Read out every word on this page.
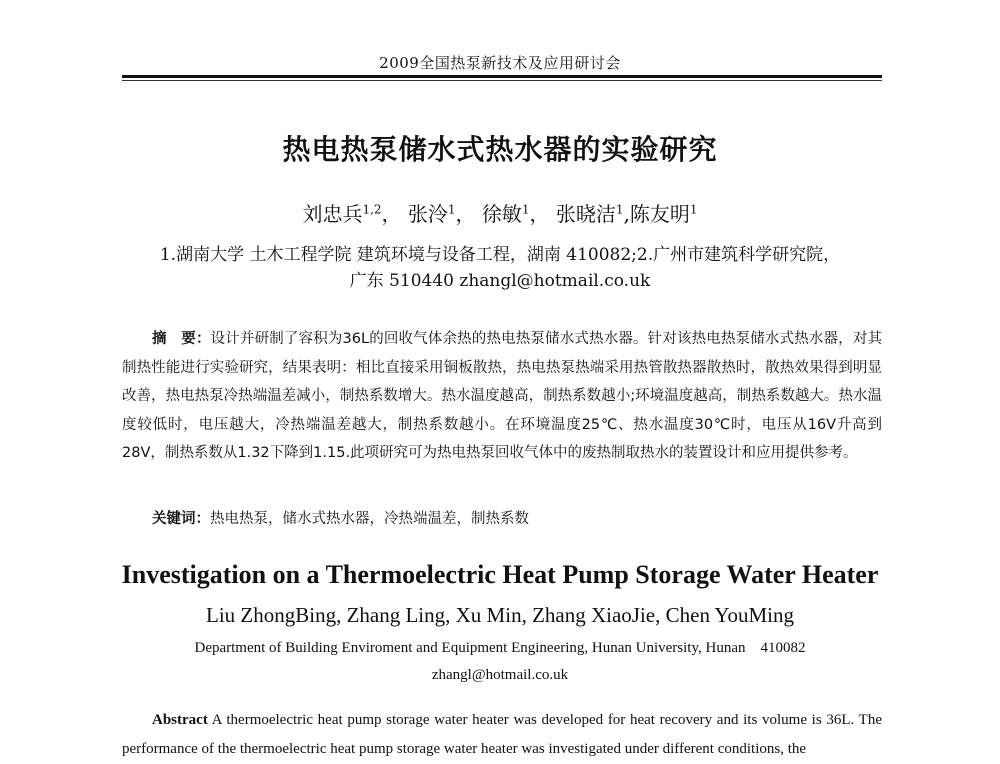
2009全国热泵新技术及应用研讨会
热电热泵储水式热水器的实验研究
刘忠兵$^{1,2}$， 张泠$^1$， 徐敏$^1$， 张晓洁$^1$,陈友明$^1$
1.湖南大学 土木工程学院 建筑环境与设备工程，湖南 410082;2.广州市建筑科学研究院，
广东 510440 zhangl@hotmail.co.uk

摘　要：设计并研制了容积为36L的回收气体余热的热电热泵储水式热水器。针对该热电热泵储水式热水器，对其制热性能进行实验研究，结果表明：相比直接采用铜板散热，热电热泵热端采用热管散热器散热时，散热效果得到明显改善，热电热泵冷热端温差减小，制热系数增大。热水温度越高，制热系数越小;环境温度越高，制热系数越大。热水温度较低时，电压越大，冷热端温差越大，制热系数越小。在环境温度25℃、热水温度30℃时，电压从16V升高到28V，制热系数从1.32下降到1.15.此项研究可为热电热泵回收气体中的废热制取热水的装置设计和应用提供参考。

关键词：热电热泵，储水式热水器，冷热端温差，制热系数
Investigation on a Thermoelectric Heat Pump Storage Water Heater
Liu ZhongBing, Zhang Ling, Xu Min, Zhang XiaoJie, Chen YouMing
Department of Building Enviroment and Equipment Engineering, Hunan University, Hunan    410082
zhangl@hotmail.co.uk

Abstract A thermoelectric heat pump storage water heater was developed for heat recovery and its volume is 36L. The performance of the thermoelectric heat pump storage water heater was investigated under different conditions, the
